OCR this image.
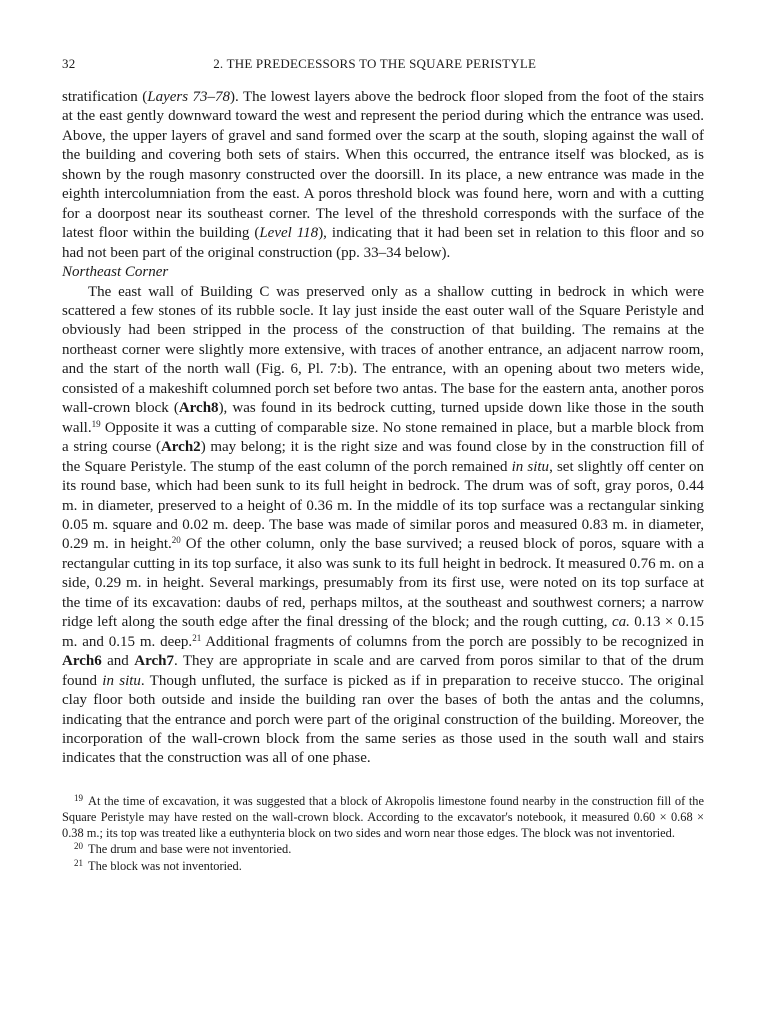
32	2. THE PREDECESSORS TO THE SQUARE PERISTYLE

stratification (Layers 73–78). The lowest layers above the bedrock floor sloped from the foot of the stairs at the east gently downward toward the west and represent the period during which the entrance was used. Above, the upper layers of gravel and sand formed over the scarp at the south, sloping against the wall of the building and covering both sets of stairs. When this occurred, the entrance itself was blocked, as is shown by the rough masonry constructed over the doorsill. In its place, a new entrance was made in the eighth intercolumniation from the east. A poros threshold block was found here, worn and with a cutting for a doorpost near its southeast corner. The level of the threshold corresponds with the surface of the latest floor within the building (Level 118), indicating that it had been set in relation to this floor and so had not been part of the original construction (pp. 33–34 below).

Northeast Corner

The east wall of Building C was preserved only as a shallow cutting in bedrock in which were scattered a few stones of its rubble socle. It lay just inside the east outer wall of the Square Peristyle and obviously had been stripped in the process of the construction of that building. The remains at the northeast corner were slightly more extensive, with traces of another entrance, an adjacent narrow room, and the start of the north wall (Fig. 6, Pl. 7:b). The entrance, with an opening about two meters wide, consisted of a makeshift columned porch set before two antas. The base for the eastern anta, another poros wall-crown block (Arch8), was found in its bedrock cutting, turned upside down like those in the south wall.$^{19}$ Opposite it was a cutting of comparable size. No stone remained in place, but a marble block from a string course (Arch2) may belong; it is the right size and was found close by in the construction fill of the Square Peristyle. The stump of the east column of the porch remained in situ, set slightly off center on its round base, which had been sunk to its full height in bedrock. The drum was of soft, gray poros, 0.44 m. in diameter, preserved to a height of 0.36 m. In the middle of its top surface was a rectangular sinking 0.05 m. square and 0.02 m. deep. The base was made of similar poros and measured 0.83 m. in diameter, 0.29 m. in height.$^{20}$ Of the other column, only the base survived; a reused block of poros, square with a rectangular cutting in its top surface, it also was sunk to its full height in bedrock. It measured 0.76 m. on a side, 0.29 m. in height. Several markings, presumably from its first use, were noted on its top surface at the time of its excavation: daubs of red, perhaps miltos, at the southeast and southwest corners; a narrow ridge left along the south edge after the final dressing of the block; and the rough cutting, ca. 0.13 × 0.15 m. and 0.15 m. deep.$^{21}$ Additional fragments of columns from the porch are possibly to be recognized in Arch6 and Arch7. They are appropriate in scale and are carved from poros similar to that of the drum found in situ. Though unfluted, the surface is picked as if in preparation to receive stucco. The original clay floor both outside and inside the building ran over the bases of both the antas and the columns, indicating that the entrance and porch were part of the original construction of the building. Moreover, the incorporation of the wall-crown block from the same series as those used in the south wall and stairs indicates that the construction was all of one phase.

$^{19}$ At the time of excavation, it was suggested that a block of Akropolis limestone found nearby in the construction fill of the Square Peristyle may have rested on the wall-crown block. According to the excavator's notebook, it measured 0.60 × 0.68 × 0.38 m.; its top was treated like a euthynteria block on two sides and worn near those edges. The block was not inventoried.

$^{20}$ The drum and base were not inventoried.

$^{21}$ The block was not inventoried.
